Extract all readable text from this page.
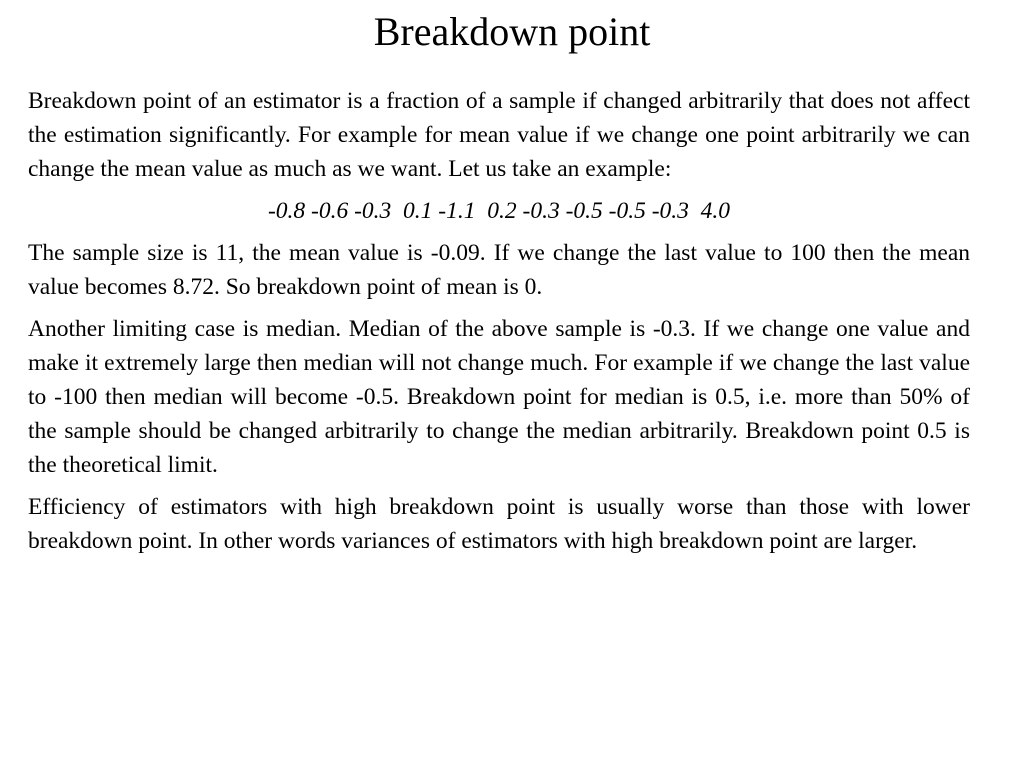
Breakdown point

Breakdown point of an estimator is a fraction of a sample if changed arbitrarily that does not affect the estimation significantly. For example for mean value if we change one point arbitrarily we can change the mean value as much as we want. Let us take an example:

-0.8 -0.6 -0.3  0.1 -1.1  0.2 -0.3 -0.5 -0.5 -0.3  4.0

The sample size is 11, the mean value is -0.09. If we change the last value to 100 then the mean value becomes 8.72. So breakdown point of mean is 0.

Another limiting case is median. Median of the above sample is -0.3. If we change one value and make it extremely large then median will not change much. For example if we change the last value to -100 then median will become -0.5. Breakdown point for median is 0.5, i.e. more than 50% of the sample should be changed arbitrarily to change the median arbitrarily. Breakdown point 0.5 is the theoretical limit.

Efficiency of estimators with high breakdown point is usually worse than those with lower breakdown point. In other words variances of estimators with high breakdown point are larger.
